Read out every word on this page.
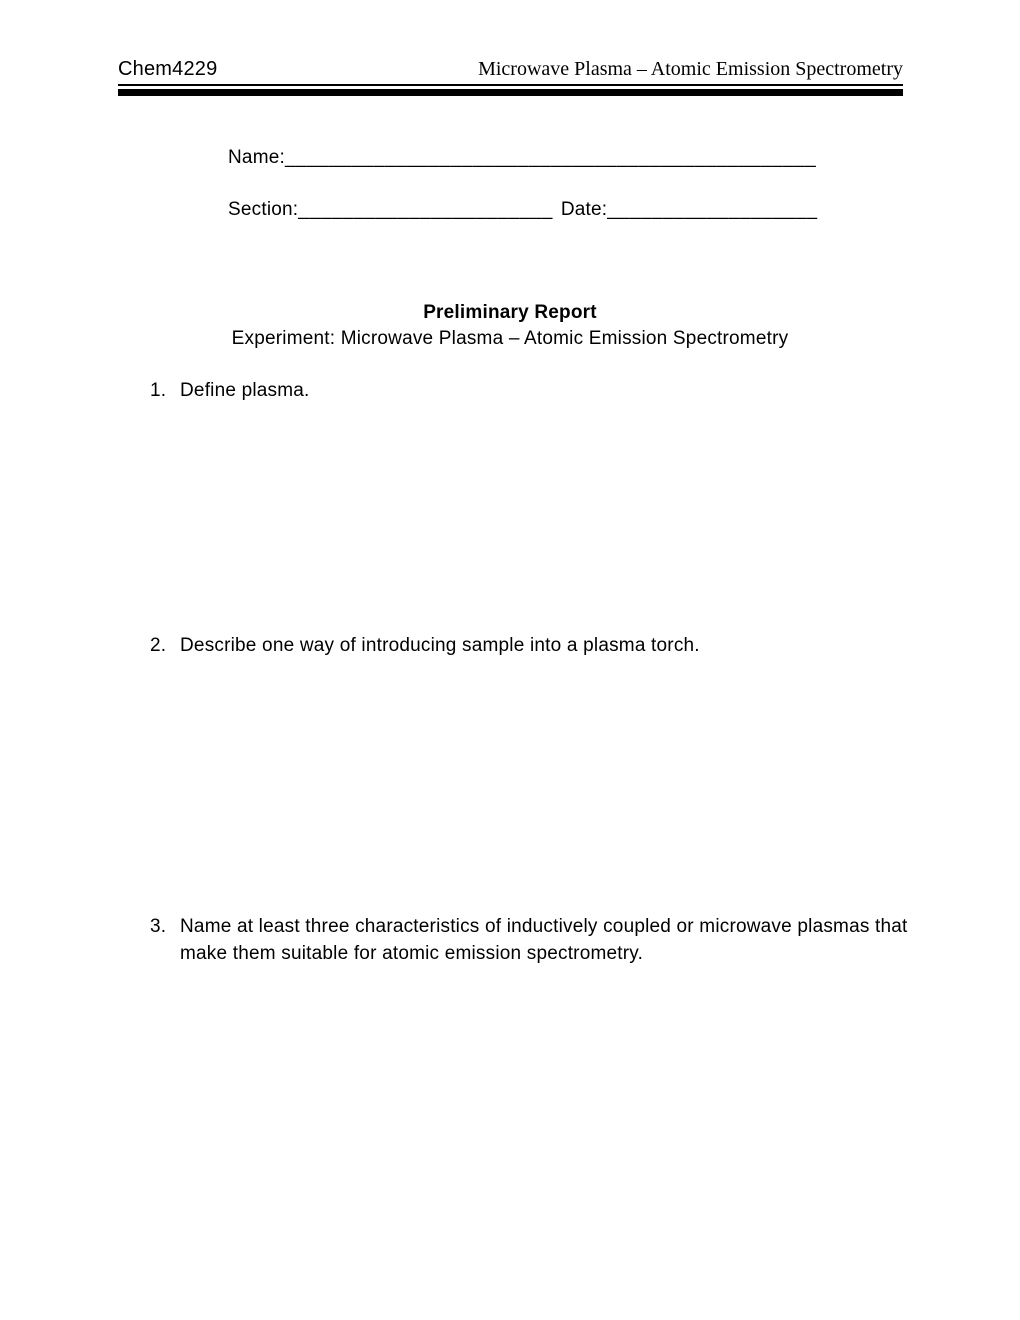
Chem4229	Microwave Plasma – Atomic Emission Spectrometry
Name:________________________________________________
Section:_______________________ Date:___________________
Preliminary Report
Experiment: Microwave Plasma – Atomic Emission Spectrometry
1. Define plasma.
2. Describe one way of introducing sample into a plasma torch.
3. Name at least three characteristics of inductively coupled or microwave plasmas that
make them suitable for atomic emission spectrometry.
